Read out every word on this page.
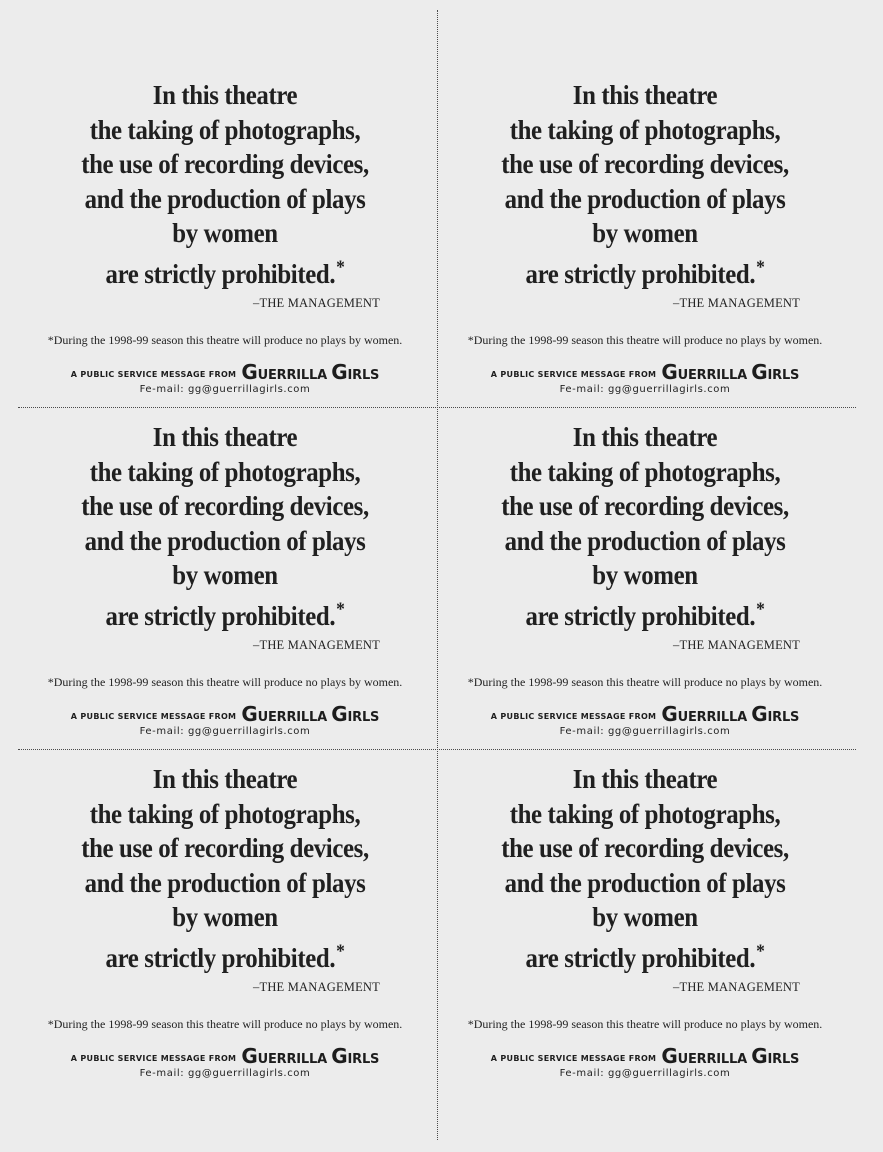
In this theatre
the taking of photographs,
the use of recording devices,
and the production of plays
by women
are strictly prohibited.*
–THE MANAGEMENT
*During the 1998-99 season this theatre will produce no plays by women.
A PUBLIC SERVICE MESSAGE FROM GUERRILLA GIRLS
Fe-mail: gg@guerrillagirls.com
In this theatre
the taking of photographs,
the use of recording devices,
and the production of plays
by women
are strictly prohibited.*
–THE MANAGEMENT
*During the 1998-99 season this theatre will produce no plays by women.
A PUBLIC SERVICE MESSAGE FROM GUERRILLA GIRLS
Fe-mail: gg@guerrillagirls.com
In this theatre
the taking of photographs,
the use of recording devices,
and the production of plays
by women
are strictly prohibited.*
–THE MANAGEMENT
*During the 1998-99 season this theatre will produce no plays by women.
A PUBLIC SERVICE MESSAGE FROM GUERRILLA GIRLS
Fe-mail: gg@guerrillagirls.com
In this theatre
the taking of photographs,
the use of recording devices,
and the production of plays
by women
are strictly prohibited.*
–THE MANAGEMENT
*During the 1998-99 season this theatre will produce no plays by women.
A PUBLIC SERVICE MESSAGE FROM GUERRILLA GIRLS
Fe-mail: gg@guerrillagirls.com
In this theatre
the taking of photographs,
the use of recording devices,
and the production of plays
by women
are strictly prohibited.*
–THE MANAGEMENT
*During the 1998-99 season this theatre will produce no plays by women.
A PUBLIC SERVICE MESSAGE FROM GUERRILLA GIRLS
Fe-mail: gg@guerrillagirls.com
In this theatre
the taking of photographs,
the use of recording devices,
and the production of plays
by women
are strictly prohibited.*
–THE MANAGEMENT
*During the 1998-99 season this theatre will produce no plays by women.
A PUBLIC SERVICE MESSAGE FROM GUERRILLA GIRLS
Fe-mail: gg@guerrillagirls.com
